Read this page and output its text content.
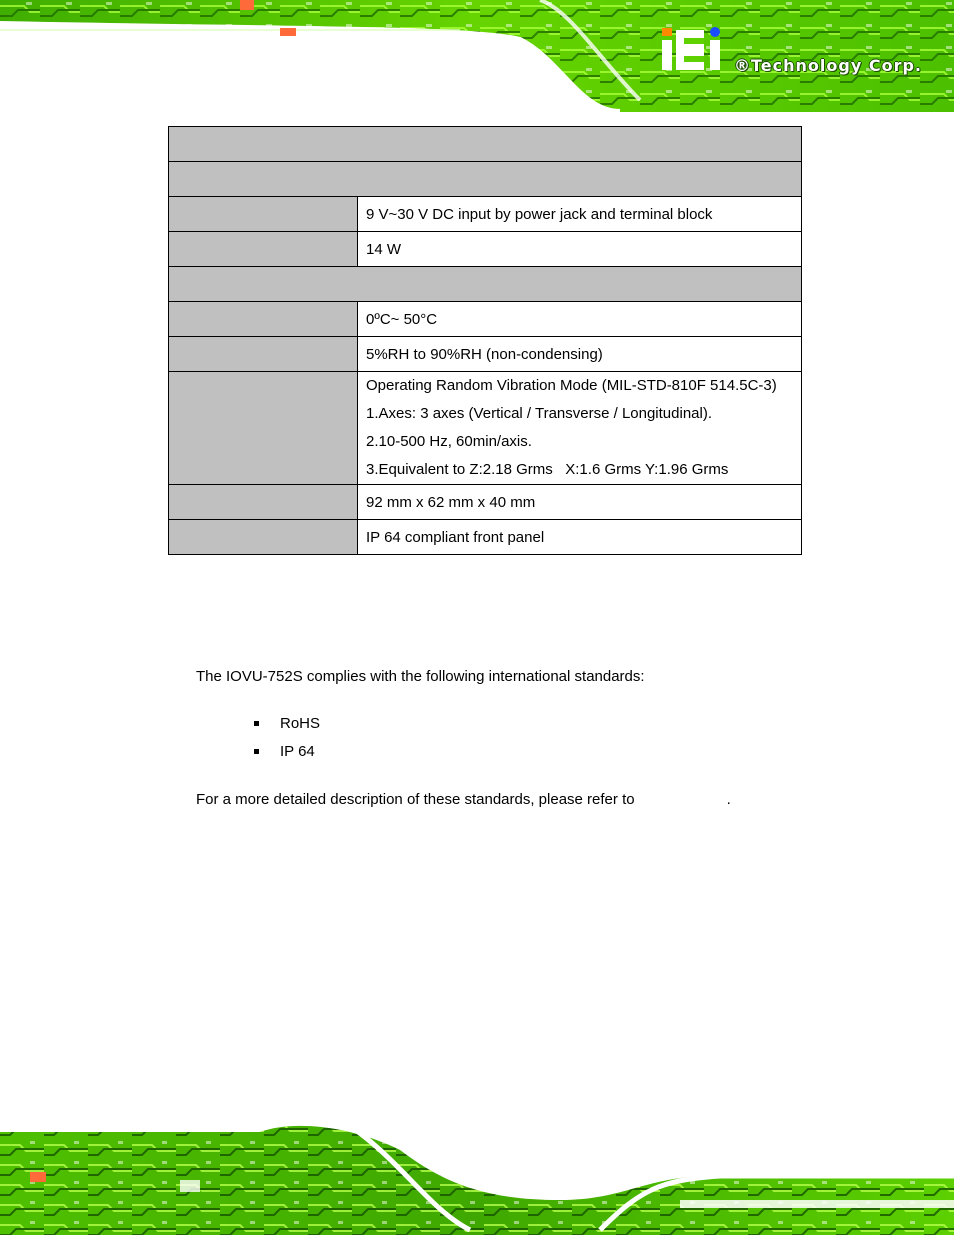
®Technology Corp.

	9 V~30 V DC input by power jack and terminal block
	14 W

	0ºC~ 50°C
	5%RH to 90%RH (non-condensing)

	Operating Random Vibration Mode (MIL-STD-810F 514.5C-3)
1.Axes: 3 axes (Vertical / Transverse / Longitudinal).
2.10-500 Hz, 60min/axis.
3.Equivalent to Z:2.18 Grms   X:1.6 Grms Y:1.96 Grms

	92 mm x 62 mm x 40 mm
	IP 64 compliant front panel
The IOVU-752S complies with the following international standards:
RoHS
IP 64
For a more detailed description of these standards, please refer to	.
